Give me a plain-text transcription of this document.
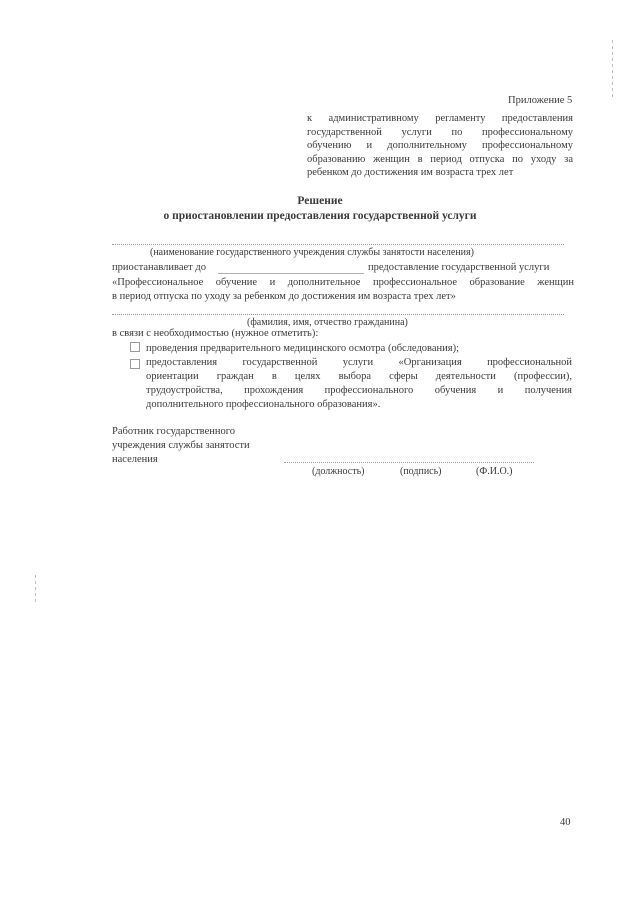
Приложение 5
к административному регламенту предоставления
государственной услуги по профессиональному
обучению и дополнительному профессиональному
образованию женщин в период отпуска по уходу за
ребенком до достижения им возраста трех лет
Решение
о приостановлении предоставления государственной услуги
(наименование государственного учреждения службы занятости населения)
приостанавливает до	предоставление государственной услуги
«Профессиональное обучение и дополнительное профессиональное образование женщин
в период отпуска по уходу за ребенком до достижения им возраста трех лет»
(фамилия, имя, отчество гражданина)
в связи с необходимостью (нужное отметить):
проведения предварительного медицинского осмотра (обследования);
предоставления государственной услуги «Организация профессиональной
ориентации граждан в целях выбора сферы деятельности (профессии),
трудоустройства, прохождения профессионального обучения и получения
дополнительного профессионального образования».
Работник государственного
учреждения службы занятости
населения
(должность)	(подпись)	(Ф.И.О.)
40
